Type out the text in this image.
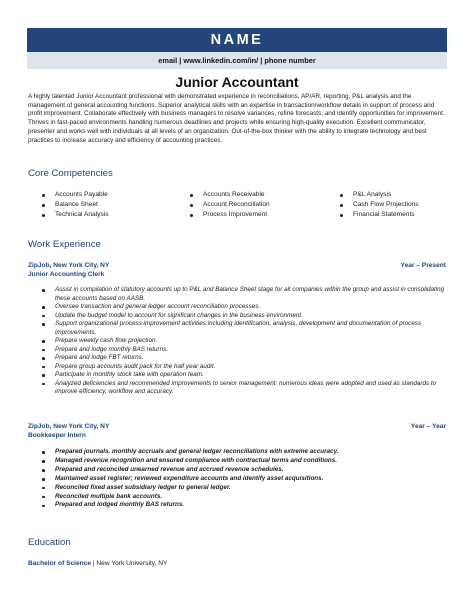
NAME
email | www.linkedin.com/in/ | phone number
Junior Accountant
A highly talented Junior Accountant professional with demonstrated experience in reconciliations, AP/AR, reporting, P&L analysis and the management of general accounting functions. Superior analytical skills with an expertise in transaction/workflow details in support of process and profit improvement. Collaborate effectively with business managers to resolve variances, refine forecasts, and identify opportunities for improvement. Thrives in fast-paced environments handling numerous deadlines and projects while ensuring high-quality execution. Excellent communicator, presenter and works well with individuals at all levels of an organization. Out-of-the-box thinker with the ability to integrate technology and best practices to increase accuracy and efficiency of accounting practices.
Core Competencies
Accounts Payable
Balance Sheet
Technical Analysis
Accounts Receivable
Account Reconciliation
Process Improvement
P&L Analysis
Cash Flow Projections
Financial Statements
Work Experience
ZipJob, New York City, NY	Year – Present
Junior Accounting Clerk
Assist in compilation of statutory accounts up to P&L and Balance Sheet stage for all companies within the group and assist in consolidating these accounts based on AASB.
Oversee transaction and general ledger account reconciliation processes.
Update the budget model to account for significant changes in the business environment.
Support organizational process improvement activities including identification, analysis, development and documentation of process improvements.
Prepare weekly cash flow projection.
Prepare and lodge monthly BAS returns.
Prepare and lodge FBT returns.
Prepare group accounts audit pack for the half year audit.
Participate in monthly stock take with operation team.
Analyzed deficiencies and recommended improvements to senior management: numerous ideas were adopted and used as standards to improve efficiency, workflow and accuracy.
ZipJob, New York City, NY	Year – Year
Bookkeeper Intern
Prepared journals, monthly accruals and general ledger reconciliations with extreme accuracy.
Managed revenue recognition and ensured compliance with contractual terms and conditions.
Prepared and reconciled unearned revenue and accrued revenue schedules.
Maintained asset register; reviewed expenditure accounts and identify asset acquisitions.
Reconciled fixed asset subsidiary ledger to general ledger.
Reconciled multiple bank accounts.
Prepared and lodged monthly BAS returns.
Education
Bachelor of Science | New York University, NY
